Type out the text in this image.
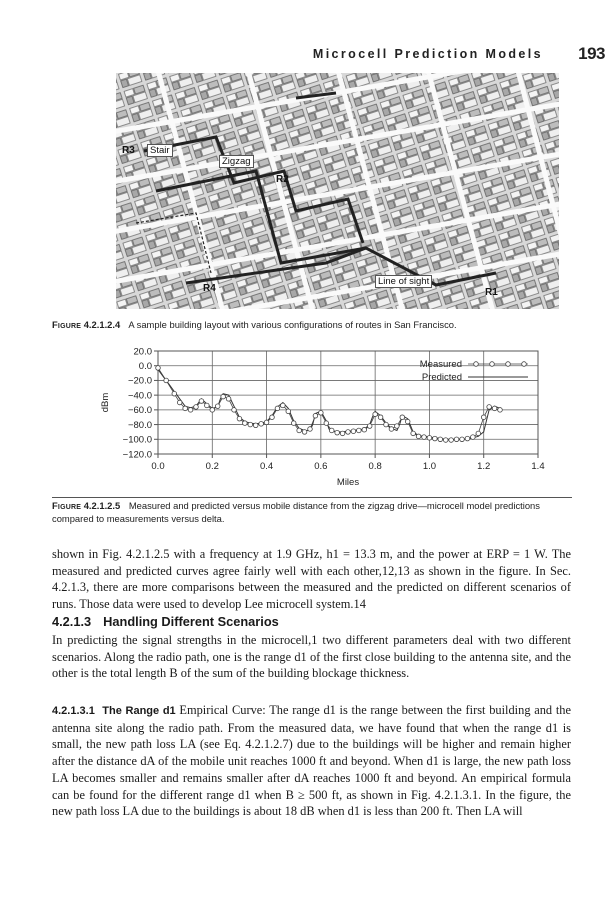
Microcell Prediction Models 193
R3	Stair
Zigzag
R2
R4
Line of sight
R1
Figure 4.2.1.2.4 A sample building layout with various configurations of routes in San Francisco.
20.0
0.0
−20.0
−40.0
−60.0
−80.0
−100.0
−120.0
0.0	0.2	0.4	0.6	0.8	1.0	1.2	1.4
dBm
Miles
Measured
Predicted
Figure 4.2.1.2.5 Measured and predicted versus mobile distance from the zigzag drive—microcell model predictions compared to measurements versus delta.

shown in Fig. 4.2.1.2.5 with a frequency at 1.9 GHz, h1 = 13.3 m, and the power at ERP = 1 W. The measured and predicted curves agree fairly well with each other,12,13 as shown in the figure. In Sec. 4.2.1.3, there are more comparisons between the measured and the predicted on different scenarios of runs. Those data were used to develop Lee microcell system.14

4.2.1.3 Handling Different Scenarios

In predicting the signal strengths in the microcell,1 two different parameters deal with two different scenarios. Along the radio path, one is the range d1 of the first close building to the antenna site, and the other is the total length B of the sum of the building blockage thickness.

4.2.1.3.1 The Range d1 Empirical Curve: The range d1 is the range between the first building and the antenna site along the radio path. From the measured data, we have found that when the range d1 is small, the new path loss LA (see Eq. 4.2.1.2.7) due to the buildings will be higher and remain higher after the distance dA of the mobile unit reaches 1000 ft and beyond. When d1 is large, the new path loss LA becomes smaller and remains smaller after dA reaches 1000 ft and beyond. An empirical formula can be found for the different range d1 when B ≥ 500 ft, as shown in Fig. 4.2.1.3.1. In the figure, the new path loss LA due to the buildings is about 18 dB when d1 is less than 200 ft. Then LA will
